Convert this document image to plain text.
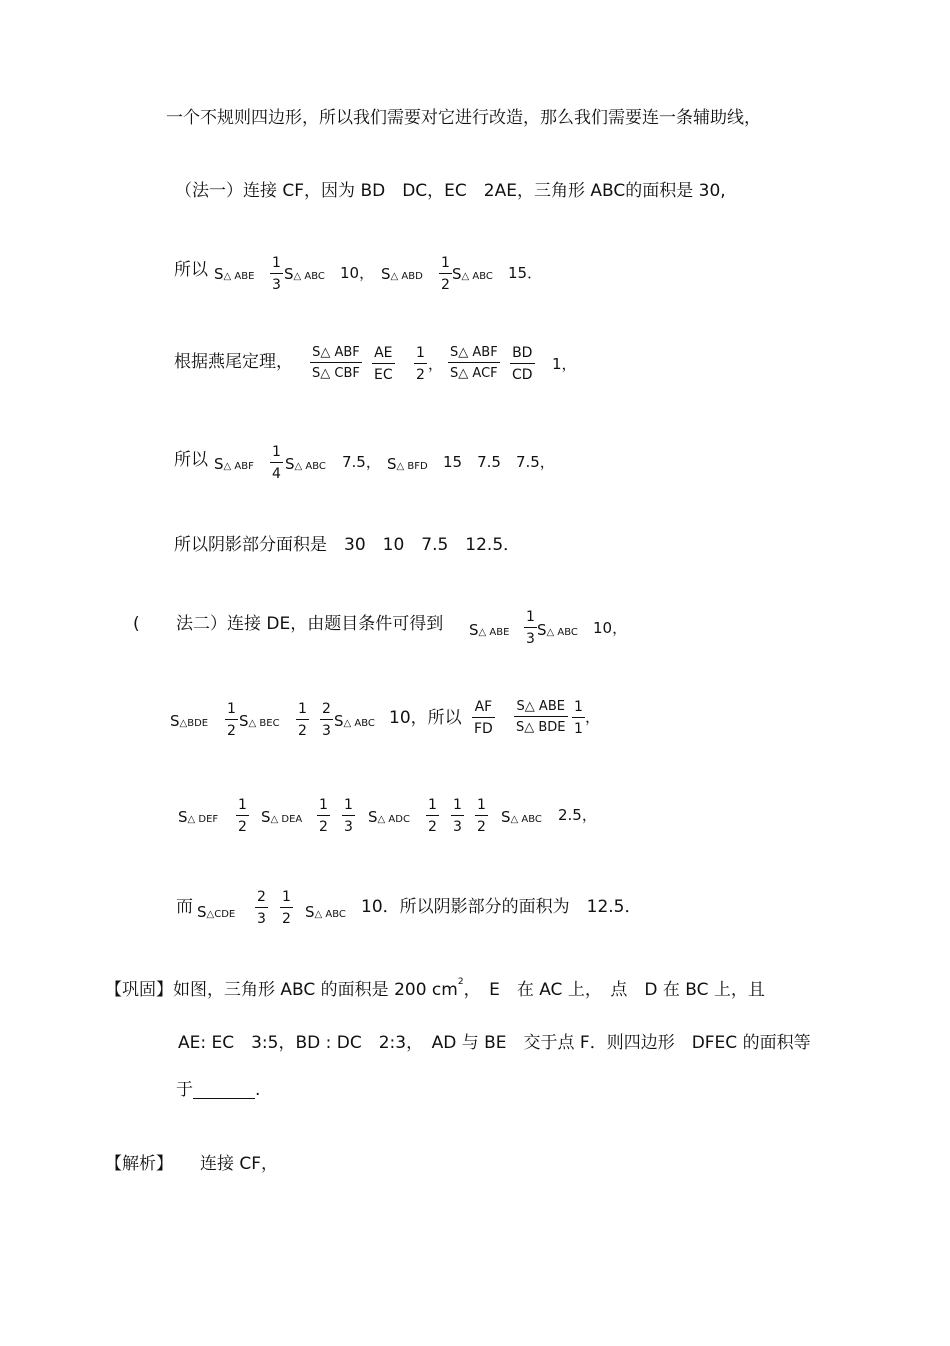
一个不规则四边形，所以我们需要对它进行改造，那么我们需要连一条辅助线，
（法一）连接 CF，因为 BD　DC，EC　2AE，三角形 ABC的面积是 30,
所以 S△ ABE
1
3
S△ ABC 10， S△ ABD
1
2
S△ ABC 15．
根据燕尾定理， S△ ABF
S△ CBF
AE
EC
1
2
，
S△ ABF
S△ ACF
BD
CD
1，
所以 S△ ABF
1
4
S△ ABC 7.5， S△ BFD 15　7.5　7.5，
所以阴影部分面积是　30　10　7.5　12.5．
( 法二）连接 DE，由题目条件可得到 S△ ABE
1
3 S△ ABC 10，
S△BDE
1
2
S△ BEC
1
2
2
3
S△ ABC 10，所以
AF
FD
S△ ABE
S△ BDE
1
1
，
S△ DEF
1
2
S△ DEA
1
2
1
3
S△ ADC
1
2
1
3
1
2
S△ ABC 2.5，
而 S△CDE
2
3
1
2 S△ ABC 10．所以阴影部分的面积为　12.5．
【巩固】如图，三角形 ABC 的面积是 200 $cm^2$，　E　在 AC 上，　点　D 在 BC 上，且
AE: EC　3:5，BD : DC　2:3，　AD 与 BE　交于点 F．则四边形　DFEC 的面积等
于	.
【解析】 连接 CF，
